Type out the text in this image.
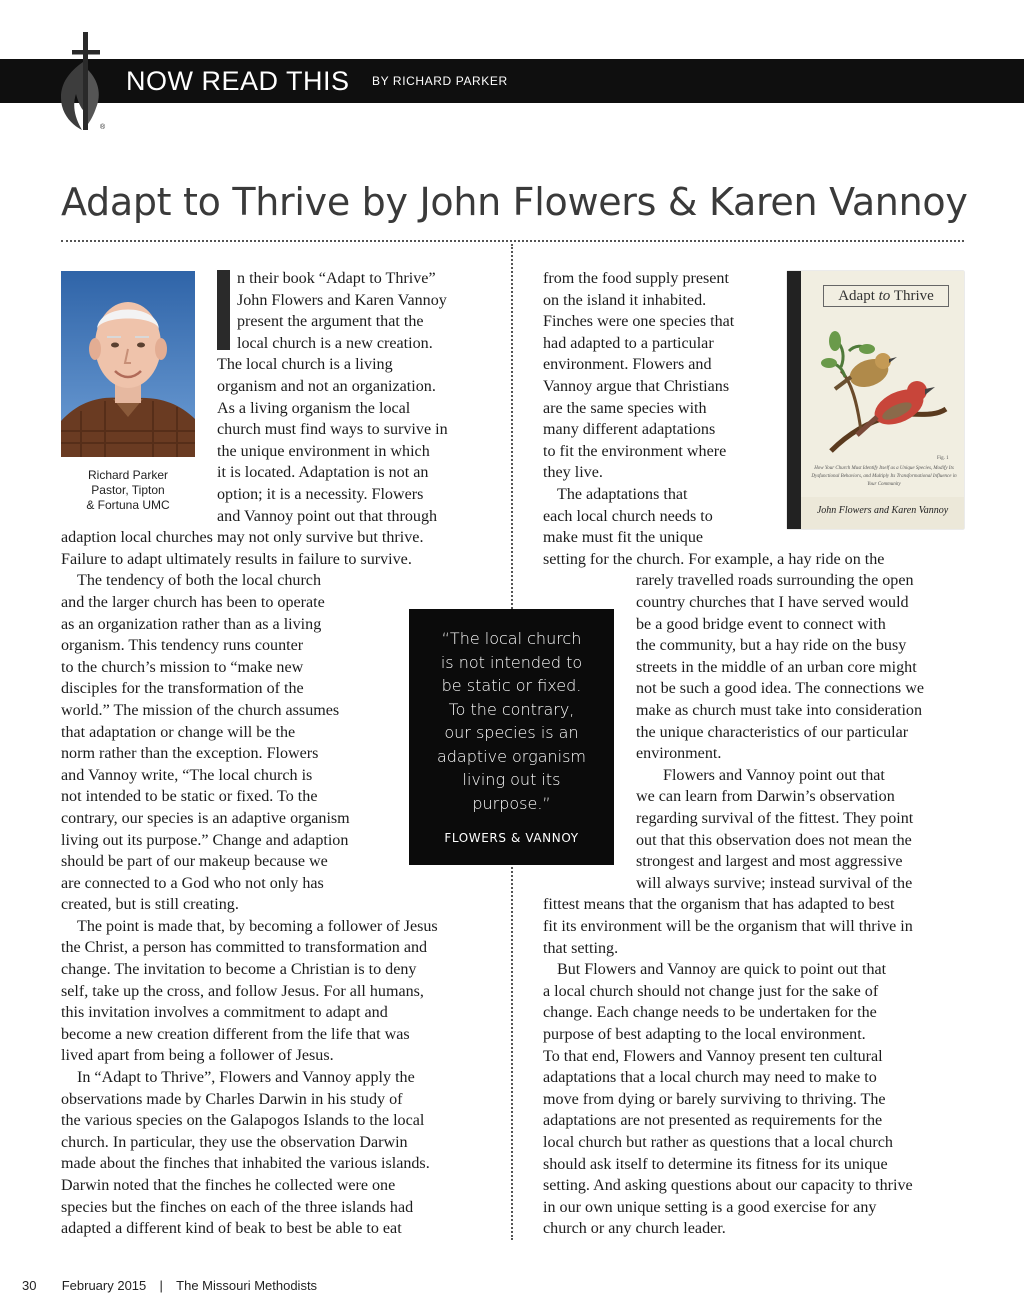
®
NOW READ THIS BY RICHARD PARKER
Adapt to Thrive by John Flowers & Karen Vannoy
Richard Parker
Pastor, Tipton
& Fortuna UMC
n their book “Adapt to Thrive”
John Flowers and Karen Vannoy
present the argument that the
local church is a new creation.
The local church is a living
organism and not an organization.
As a living organism the local
church must find ways to survive in
the unique environment in which
it is located. Adaptation is not an
option; it is a necessity. Flowers
and Vannoy point out that through
adaption local churches may not only survive but thrive.
Failure to adapt ultimately results in failure to survive.
The tendency of both the local church
and the larger church has been to operate
as an organization rather than as a living
organism. This tendency runs counter
to the church’s mission to “make new
disciples for the transformation of the
world.” The mission of the church assumes
that adaptation or change will be the
norm rather than the exception. Flowers
and Vannoy write, “The local church is
not intended to be static or fixed. To the
contrary, our species is an adaptive organism
living out its purpose.” Change and adaption
should be part of our makeup because we
are connected to a God who not only has
created, but is still creating.
The point is made that, by becoming a follower of Jesus
the Christ, a person has committed to transformation and
change. The invitation to become a Christian is to deny
self, take up the cross, and follow Jesus. For all humans,
this invitation involves a commitment to adapt and
become a new creation different from the life that was
lived apart from being a follower of Jesus.
In “Adapt to Thrive”, Flowers and Vannoy apply the
observations made by Charles Darwin in his study of
the various species on the Galapogos Islands to the local
church. In particular, they use the observation Darwin
made about the finches that inhabited the various islands.
Darwin noted that the finches he collected were one
species but the finches on each of the three islands had
adapted a different kind of beak to best be able to eat
“The local church
is not intended to
be static or fixed.
To the contrary,
our species is an
adaptive organism
living out its
purpose.”
FLOWERS & VANNOY
Adapt to Thrive
Fig. 1
How Your Church Must Identify Itself as a Unique Species, Modify Its Dysfunctional Behaviors, and Multiply Its Transformational Influence in Your Community
John Flowers and Karen Vannoy
from the food supply present
on the island it inhabited.
Finches were one species that
had adapted to a particular
environment. Flowers and
Vannoy argue that Christians
are the same species with
many different adaptations
to fit the environment where
they live.
The adaptations that
each local church needs to
make must fit the unique
setting for the church. For example, a hay ride on the
rarely travelled roads surrounding the open
country churches that I have served would
be a good bridge event to connect with
the community, but a hay ride on the busy
streets in the middle of an urban core might
not be such a good idea. The connections we
make as church must take into consideration
the unique characteristics of our particular
environment.
Flowers and Vannoy point out that
we can learn from Darwin’s observation
regarding survival of the fittest. They point
out that this observation does not mean the
strongest and largest and most aggressive
will always survive; instead survival of the
fittest means that the organism that has adapted to best
fit its environment will be the organism that will thrive in
that setting.
But Flowers and Vannoy are quick to point out that
a local church should not change just for the sake of
change. Each change needs to be undertaken for the
purpose of best adapting to the local environment.
To that end, Flowers and Vannoy present ten cultural
adaptations that a local church may need to make to
move from dying or barely surviving to thriving. The
adaptations are not presented as requirements for the
local church but rather as questions that a local church
should ask itself to determine its fitness for its unique
setting. And asking questions about our capacity to thrive
in our own unique setting is a good exercise for any
church or any church leader.
30 February 2015 | The Missouri Methodists
